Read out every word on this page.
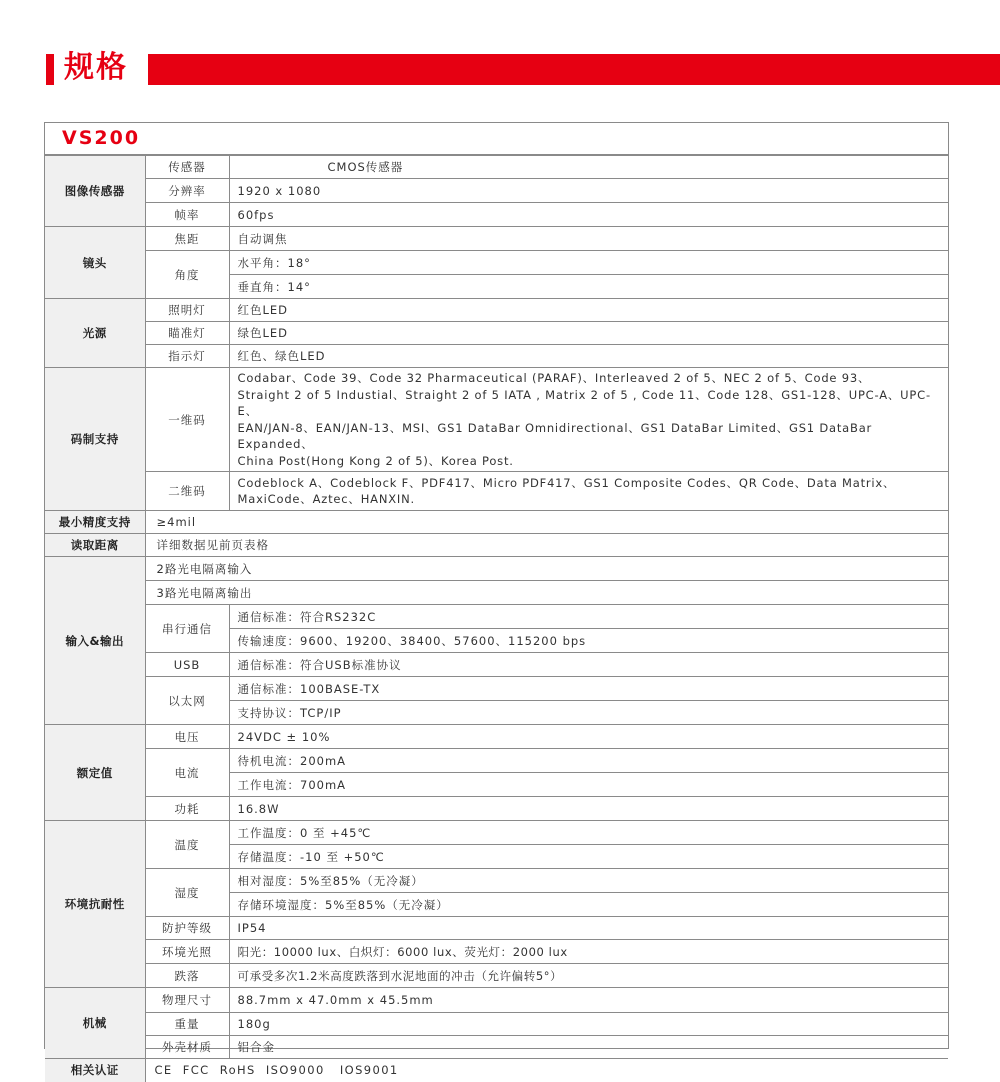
规格
VS200
图像传感器	传感器	CMOS传感器
	分辨率	1920 x 1080
	帧率	60fps
镜头	焦距	自动调焦
	角度	水平角：18°
		垂直角：14°
光源	照明灯	红色LED
	瞄准灯	绿色LED
	指示灯	红色、绿色LED
码制支持	一维码	Codabar、Code 39、Code 32 Pharmaceutical (PARAF)、Interleaved 2 of 5、NEC 2 of 5、Code 93、
Straight 2 of 5 Industial、Straight 2 of 5 IATA , Matrix 2 of 5 , Code 11、Code 128、GS1-128、UPC-A、UPC-E、
EAN/JAN-8、EAN/JAN-13、MSI、GS1 DataBar Omnidirectional、GS1 DataBar Limited、GS1 DataBar Expanded、
China Post(Hong Kong 2 of 5)、Korea Post.

	二维码	Codeblock A、Codeblock F、PDF417、Micro PDF417、GS1 Composite Codes、QR Code、Data Matrix、
MaxiCode、Aztec、HANXIN.

最小精度支持	≥4mil	
读取距离	详细数据见前页表格	
输入&输出	2路光电隔离输入	
	3路光电隔离输出	
	串行通信	通信标准：符合RS232C
		传输速度：9600、19200、38400、57600、115200 bps
	USB	通信标准：符合USB标准协议
	以太网	通信标准：100BASE-TX
		支持协议：TCP/IP
额定值	电压	24VDC ± 10%
	电流	待机电流：200mA
		工作电流：700mA
	功耗	16.8W
环境抗耐性	温度	工作温度：0 至 +45℃
		存储温度：-10 至 +50℃
	湿度	相对湿度：5%至85%（无冷凝）
		存储环境湿度：5%至85%（无冷凝）
	防护等级	IP54
	环境光照	阳光：10000 lux、白炽灯：6000 lux、荧光灯：2000 lux
	跌落	可承受多次1.2米高度跌落到水泥地面的冲击（允许偏转5°）
机械	物理尺寸	88.7mm x 47.0mm x 45.5mm
	重量	180g
	外壳材质	铝合金
相关认证	CE  FCC  RoHS  ISO9000   IOS9001	
